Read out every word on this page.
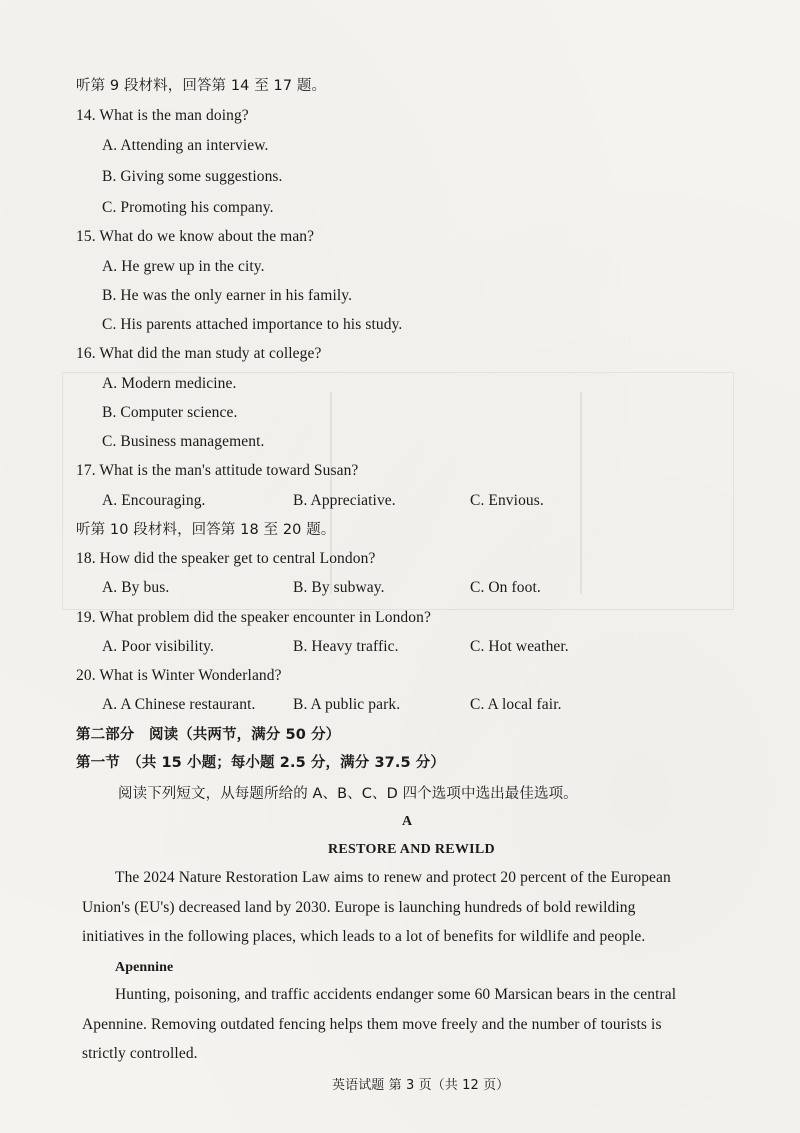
听第 9 段材料，回答第 14 至 17 题。
14. What is the man doing?
A. Attending an interview.
B. Giving some suggestions.
C. Promoting his company.
15. What do we know about the man?
A. He grew up in the city.
B. He was the only earner in his family.
C. His parents attached importance to his study.
16. What did the man study at college?
A. Modern medicine.
B. Computer science.
C. Business management.
17. What is the man's attitude toward Susan?
A. Encouraging.	B. Appreciative.	C. Envious.
听第 10 段材料，回答第 18 至 20 题。
18. How did the speaker get to central London?
A. By bus.	B. By subway.	C. On foot.
19. What problem did the speaker encounter in London?
A. Poor visibility.	B. Heavy traffic.	C. Hot weather.
20. What is Winter Wonderland?
A. A Chinese restaurant. B. A public park.	C. A local fair.
第二部分　阅读（共两节，满分 50 分）
第一节　（共 15 小题；每小题 2.5 分，满分 37.5 分）
阅读下列短文，从每题所给的 A、B、C、D 四个选项中选出最佳选项。
A
RESTORE AND REWILD
The 2024 Nature Restoration Law aims to renew and protect 20 percent of the European
Union's (EU's) decreased land by 2030. Europe is launching hundreds of bold rewilding
initiatives in the following places, which leads to a lot of benefits for wildlife and people.
Apennine
Hunting, poisoning, and traffic accidents endanger some 60 Marsican bears in the central
Apennine. Removing outdated fencing helps them move freely and the number of tourists is
strictly controlled.
英语试题 第 3 页（共 12 页）
